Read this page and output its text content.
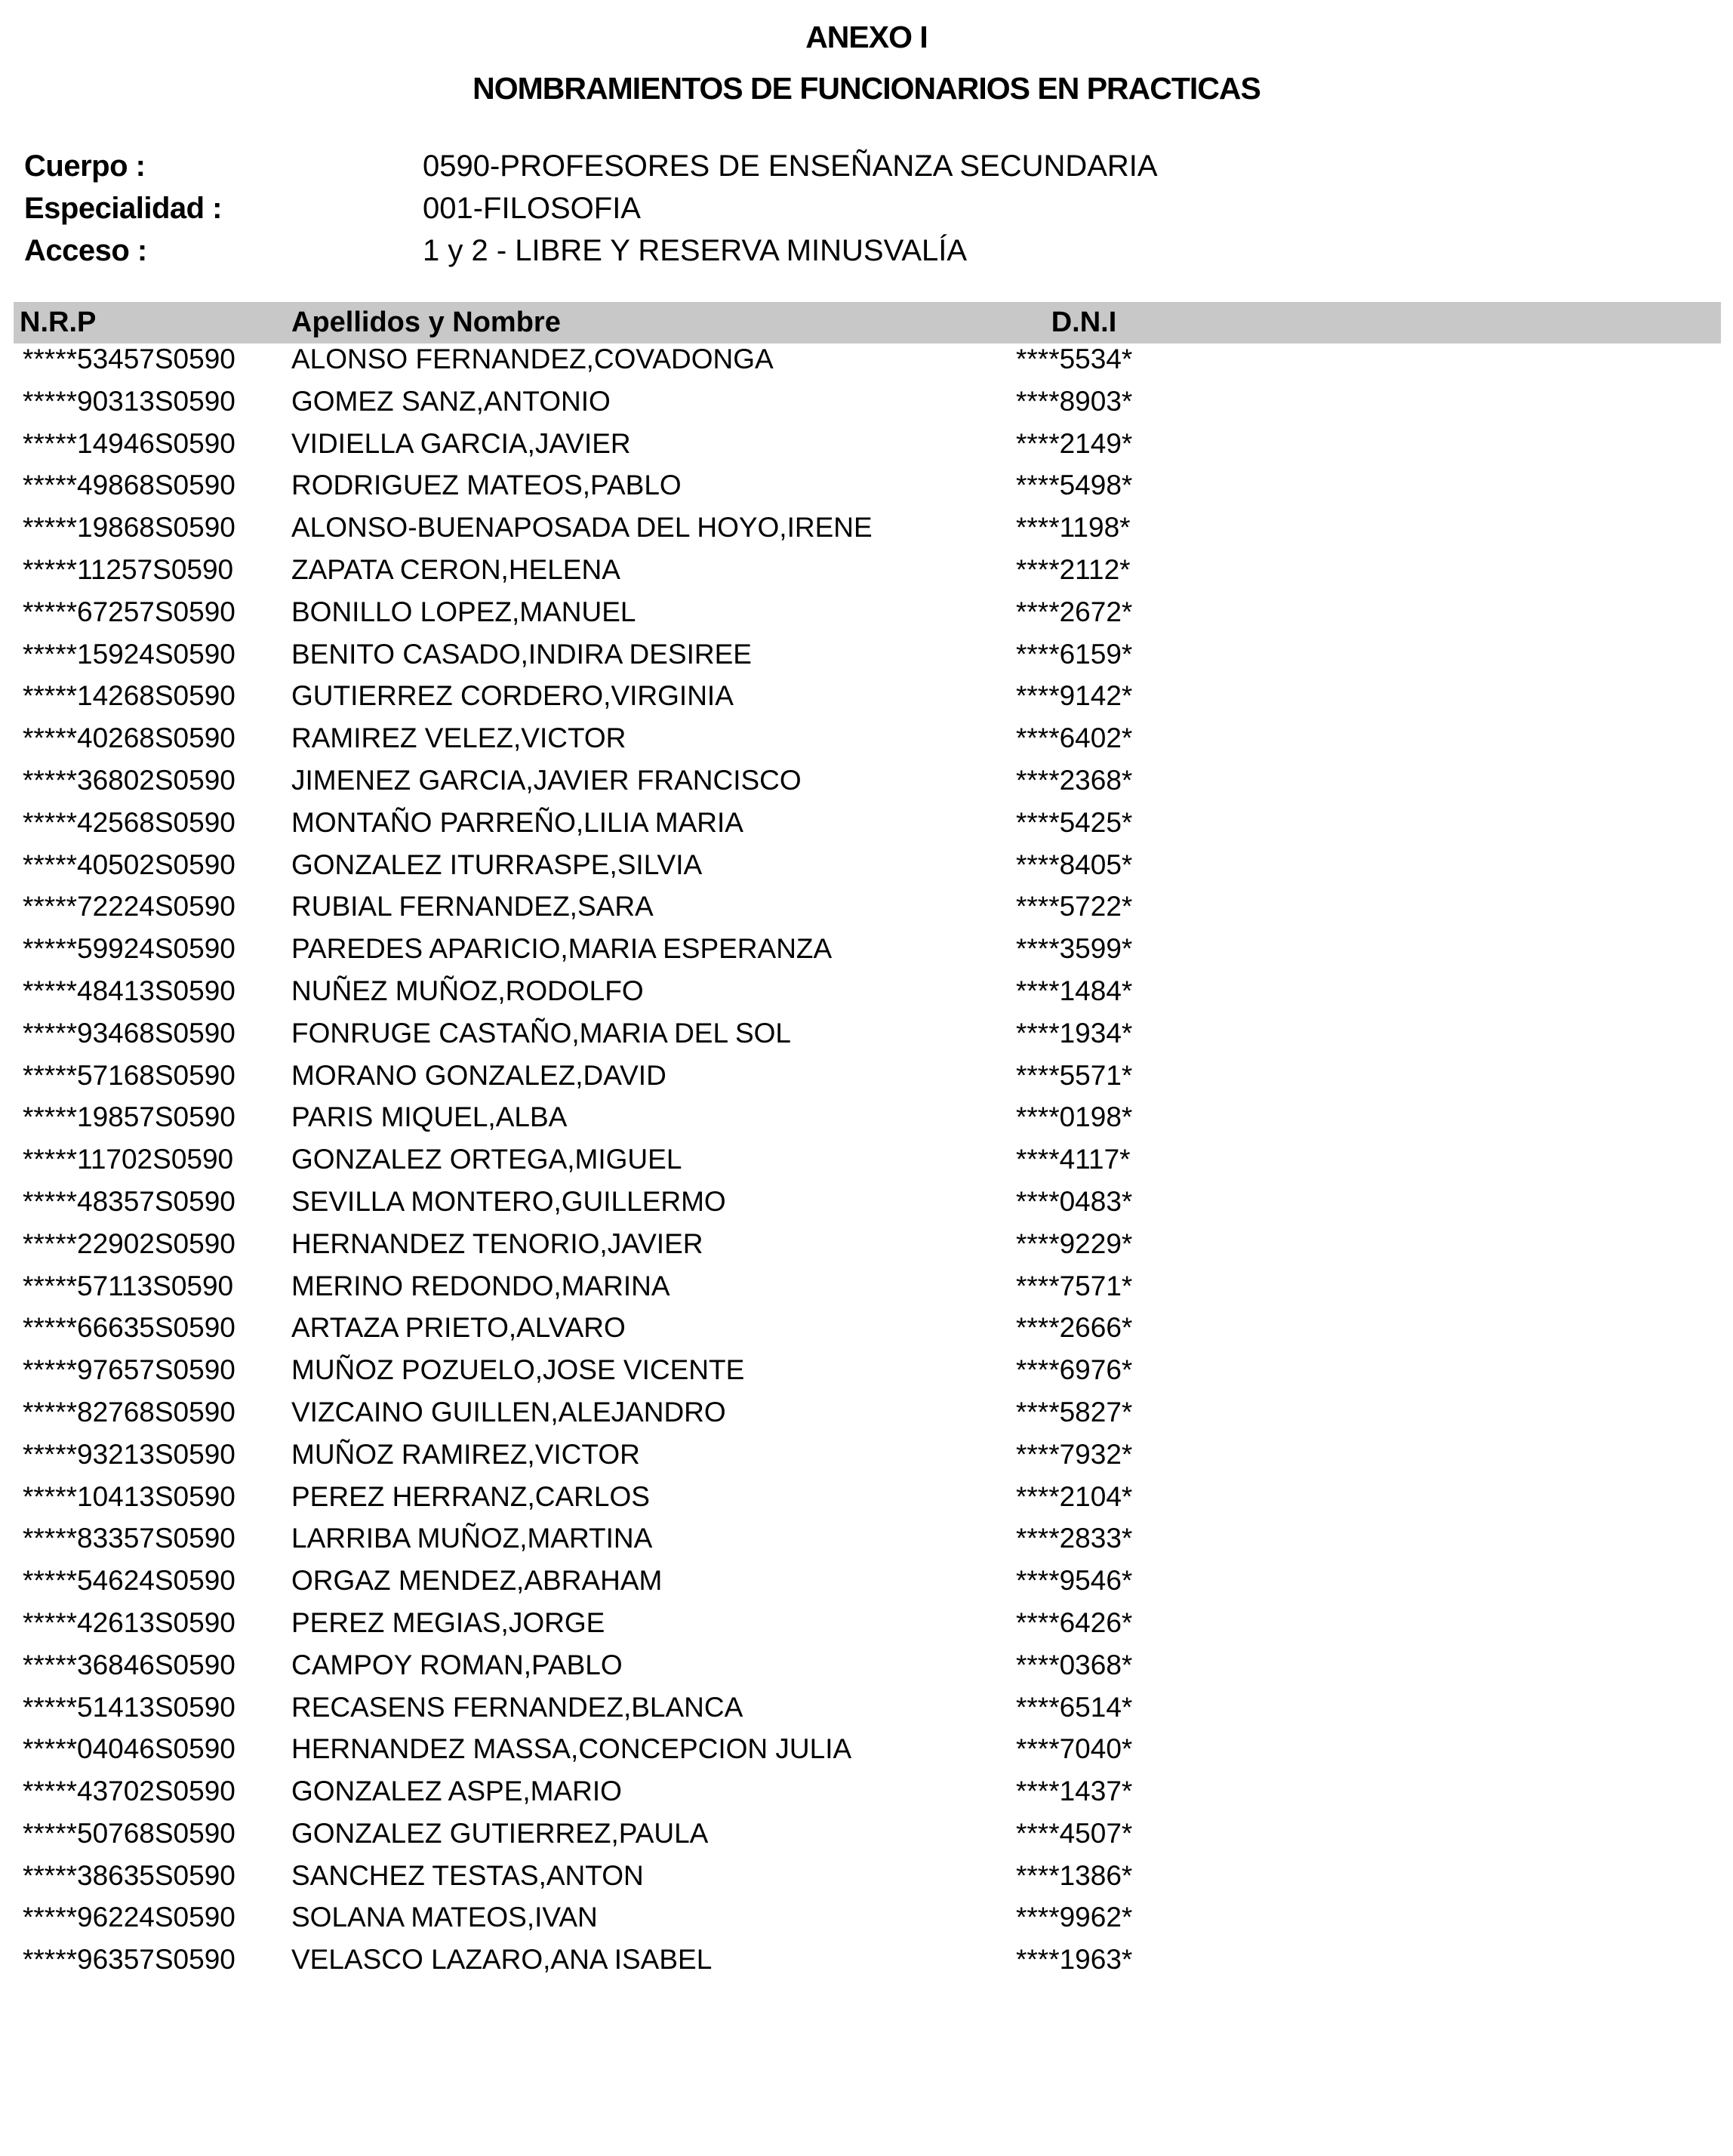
ANEXO I
NOMBRAMIENTOS DE FUNCIONARIOS EN PRACTICAS
Cuerpo :	0590-PROFESORES DE ENSEÑANZA SECUNDARIA
Especialidad :	001-FILOSOFIA
Acceso :	1 y 2 - LIBRE Y RESERVA MINUSVALÍA
N.R.P	Apellidos y Nombre	D.N.I
*****53457S0590 ALONSO FERNANDEZ,COVADONGA	****5534*
*****90313S0590 GOMEZ SANZ,ANTONIO	****8903*
*****14946S0590 VIDIELLA GARCIA,JAVIER	****2149*
*****49868S0590 RODRIGUEZ MATEOS,PABLO	****5498*
*****19868S0590 ALONSO-BUENAPOSADA DEL HOYO,IRENE	****1198*
*****11257S0590 ZAPATA CERON,HELENA	****2112*
*****67257S0590 BONILLO LOPEZ,MANUEL	****2672*
*****15924S0590 BENITO CASADO,INDIRA DESIREE	****6159*
*****14268S0590 GUTIERREZ CORDERO,VIRGINIA	****9142*
*****40268S0590 RAMIREZ VELEZ,VICTOR	****6402*
*****36802S0590 JIMENEZ GARCIA,JAVIER FRANCISCO	****2368*
*****42568S0590 MONTAÑO PARREÑO,LILIA MARIA	****5425*
*****40502S0590 GONZALEZ ITURRASPE,SILVIA	****8405*
*****72224S0590 RUBIAL FERNANDEZ,SARA	****5722*
*****59924S0590 PAREDES APARICIO,MARIA ESPERANZA	****3599*
*****48413S0590 NUÑEZ MUÑOZ,RODOLFO	****1484*
*****93468S0590 FONRUGE CASTAÑO,MARIA DEL SOL	****1934*
*****57168S0590 MORANO GONZALEZ,DAVID	****5571*
*****19857S0590 PARIS MIQUEL,ALBA	****0198*
*****11702S0590 GONZALEZ ORTEGA,MIGUEL	****4117*
*****48357S0590 SEVILLA MONTERO,GUILLERMO	****0483*
*****22902S0590 HERNANDEZ TENORIO,JAVIER	****9229*
*****57113S0590 MERINO REDONDO,MARINA	****7571*
*****66635S0590 ARTAZA PRIETO,ALVARO	****2666*
*****97657S0590 MUÑOZ POZUELO,JOSE VICENTE	****6976*
*****82768S0590 VIZCAINO GUILLEN,ALEJANDRO	****5827*
*****93213S0590 MUÑOZ RAMIREZ,VICTOR	****7932*
*****10413S0590 PEREZ HERRANZ,CARLOS	****2104*
*****83357S0590 LARRIBA MUÑOZ,MARTINA	****2833*
*****54624S0590 ORGAZ MENDEZ,ABRAHAM	****9546*
*****42613S0590 PEREZ MEGIAS,JORGE	****6426*
*****36846S0590 CAMPOY ROMAN,PABLO	****0368*
*****51413S0590 RECASENS FERNANDEZ,BLANCA	****6514*
*****04046S0590 HERNANDEZ MASSA,CONCEPCION JULIA	****7040*
*****43702S0590 GONZALEZ ASPE,MARIO	****1437*
*****50768S0590 GONZALEZ GUTIERREZ,PAULA	****4507*
*****38635S0590 SANCHEZ TESTAS,ANTON	****1386*
*****96224S0590 SOLANA MATEOS,IVAN	****9962*
*****96357S0590 VELASCO LAZARO,ANA ISABEL	****1963*
